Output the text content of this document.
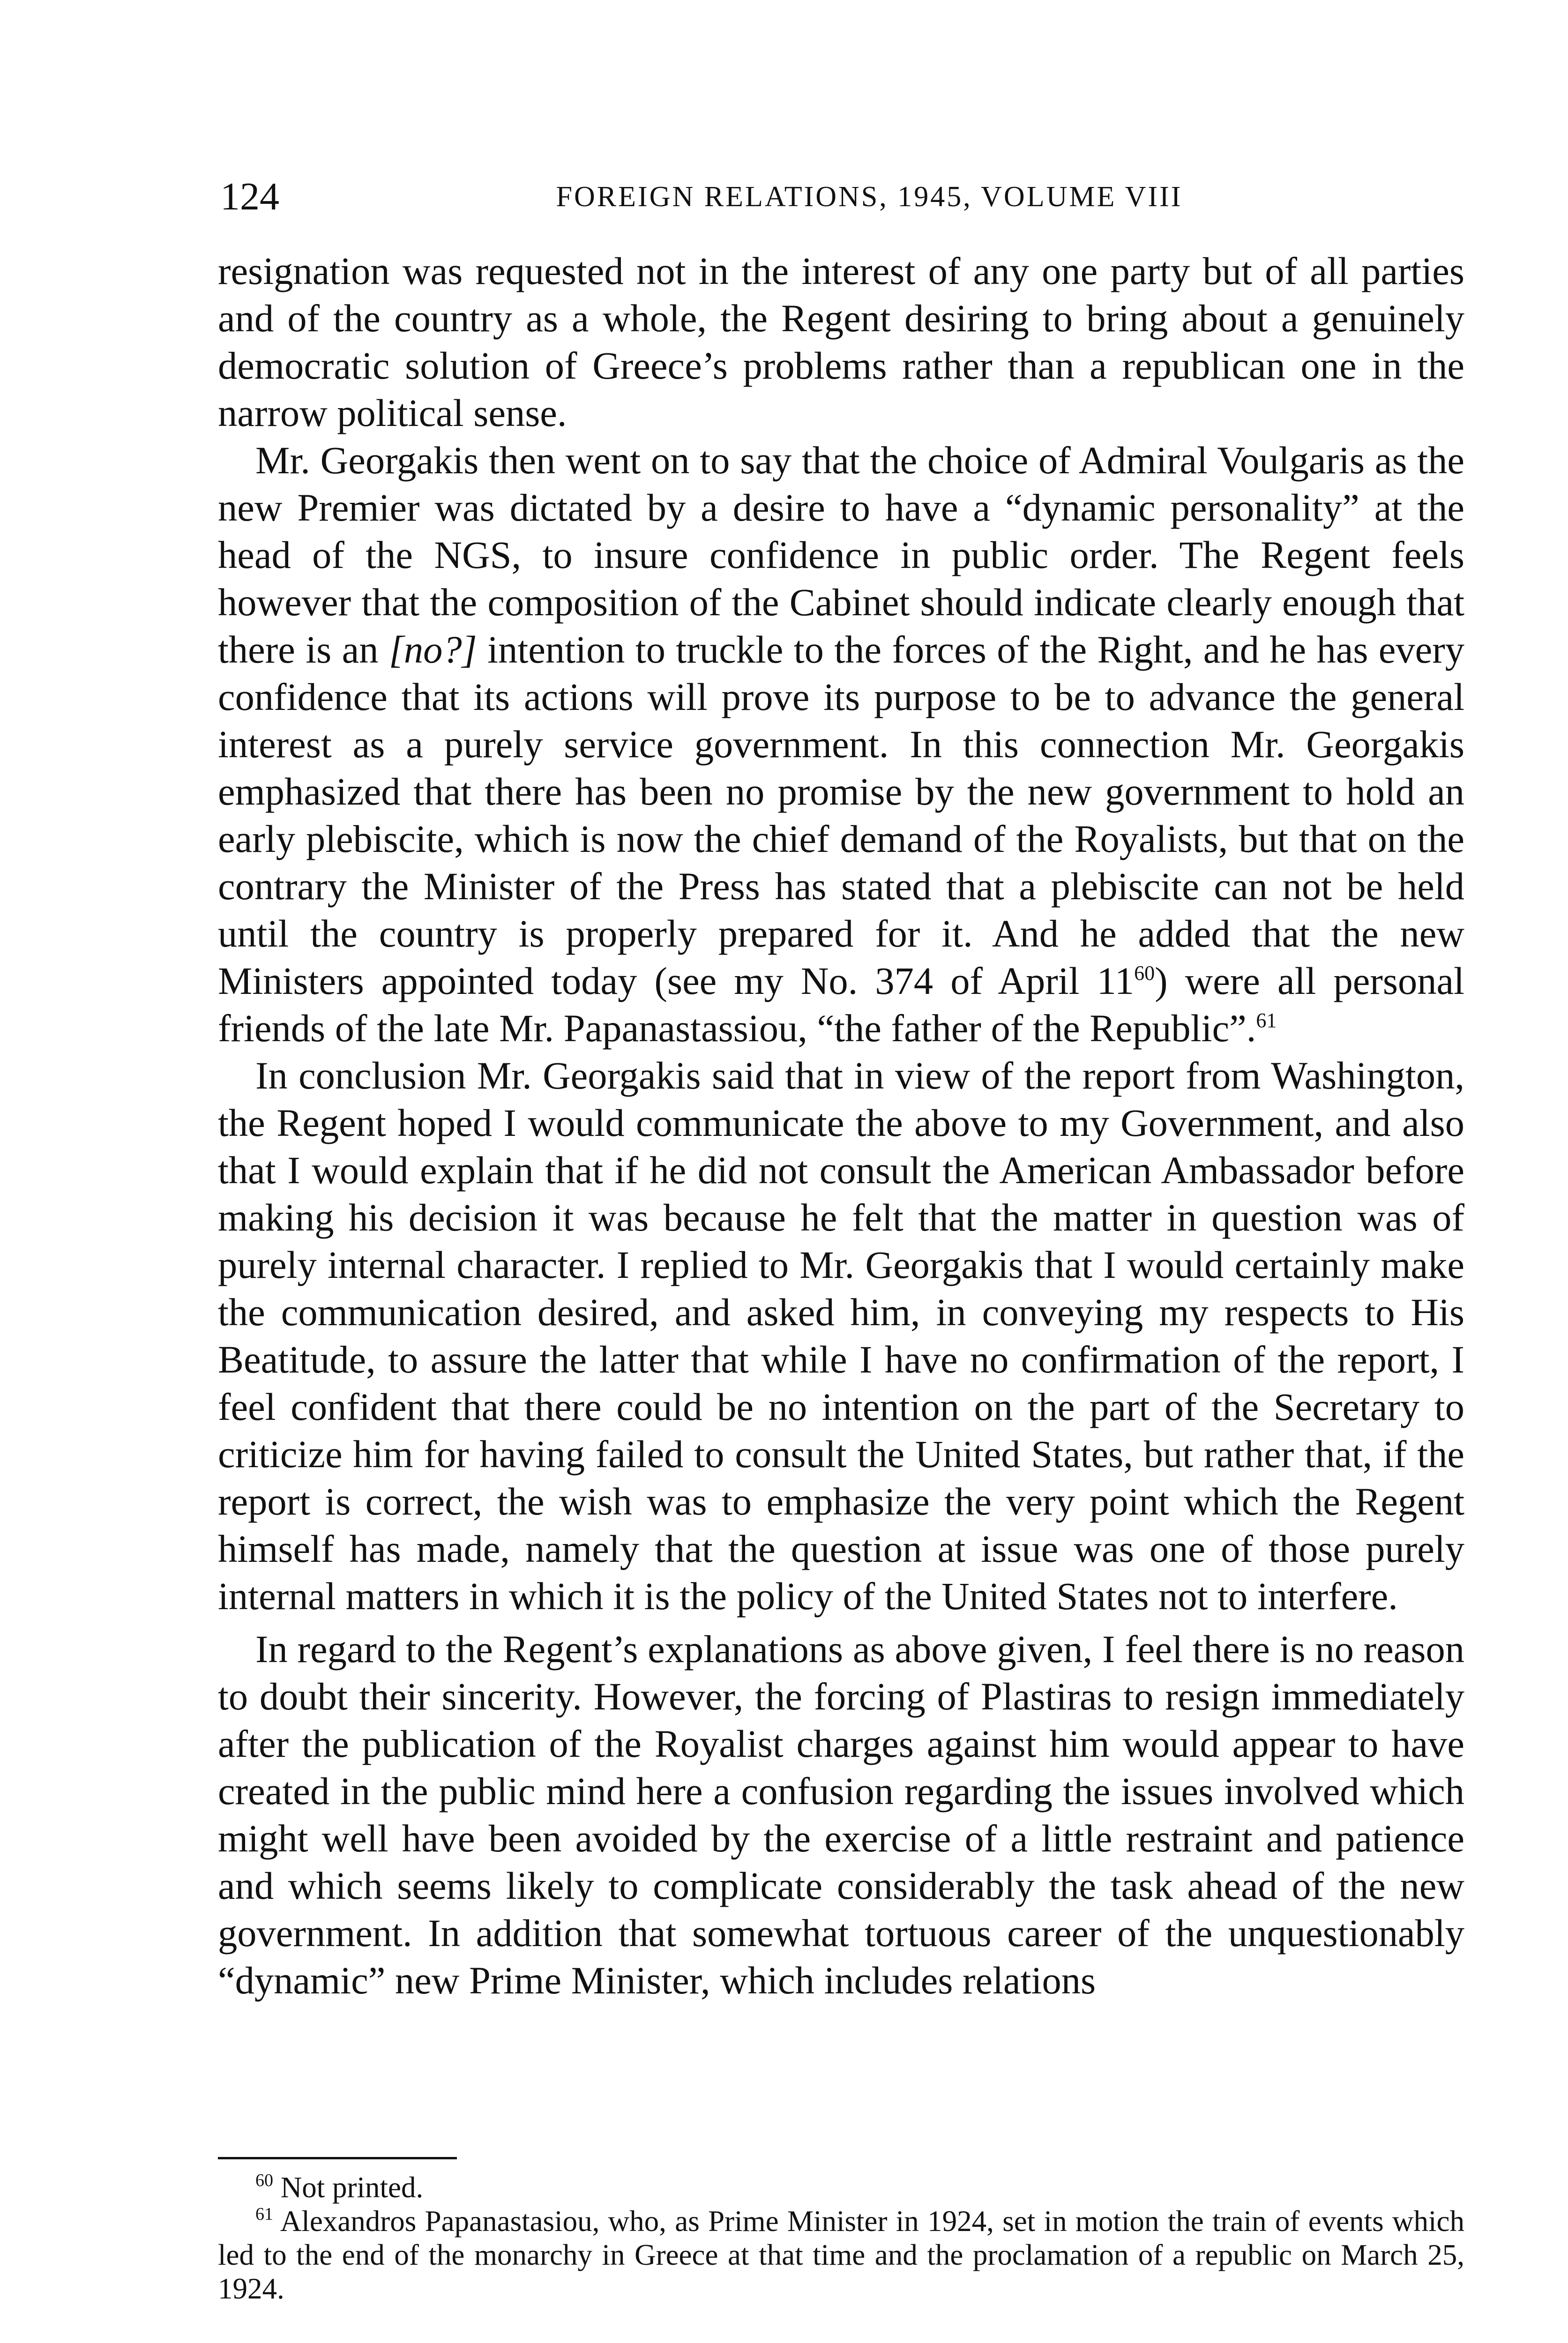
124	FOREIGN RELATIONS, 1945, VOLUME VIII

resignation was requested not in the interest of any one party but of all parties and of the country as a whole, the Regent desiring to bring about a genuinely democratic solution of Greece’s problems rather than a republican one in the narrow political sense.

Mr. Georgakis then went on to say that the choice of Admiral Voulgaris as the new Premier was dictated by a desire to have a “dynamic personality” at the head of the NGS, to insure confidence in public order. The Regent feels however that the composition of the Cabinet should indicate clearly enough that there is an [no?] intention to truckle to the forces of the Right, and he has every confidence that its actions will prove its purpose to be to advance the general interest as a purely service government. In this connection Mr. Georgakis emphasized that there has been no promise by the new government to hold an early plebiscite, which is now the chief demand of the Royalists, but that on the contrary the Minister of the Press has stated that a plebiscite can not be held until the country is properly prepared for it. And he added that the new Ministers appointed today (see my No. 374 of April 11$^{60}$) were all personal friends of the late Mr. Papanastassiou, “the father of the Republic”.$^{61}$

In conclusion Mr. Georgakis said that in view of the report from Washington, the Regent hoped I would communicate the above to my Government, and also that I would explain that if he did not consult the American Ambassador before making his decision it was because he felt that the matter in question was of purely internal character. I replied to Mr. Georgakis that I would certainly make the communication desired, and asked him, in conveying my respects to His Beatitude, to assure the latter that while I have no confirmation of the report, I feel confident that there could be no intention on the part of the Secretary to criticize him for having failed to consult the United States, but rather that, if the report is correct, the wish was to emphasize the very point which the Regent himself has made, namely that the question at issue was one of those purely internal matters in which it is the policy of the United States not to interfere.

In regard to the Regent’s explanations as above given, I feel there is no reason to doubt their sincerity. However, the forcing of Plastiras to resign immediately after the publication of the Royalist charges against him would appear to have created in the public mind here a confusion regarding the issues involved which might well have been avoided by the exercise of a little restraint and patience and which seems likely to complicate considerably the task ahead of the new government. In addition that somewhat tortuous career of the unquestionably “dynamic” new Prime Minister, which includes relations

$^{60}$ Not printed.

$^{61}$ Alexandros Papanastasiou, who, as Prime Minister in 1924, set in motion the train of events which led to the end of the monarchy in Greece at that time and the proclamation of a republic on March 25, 1924.
